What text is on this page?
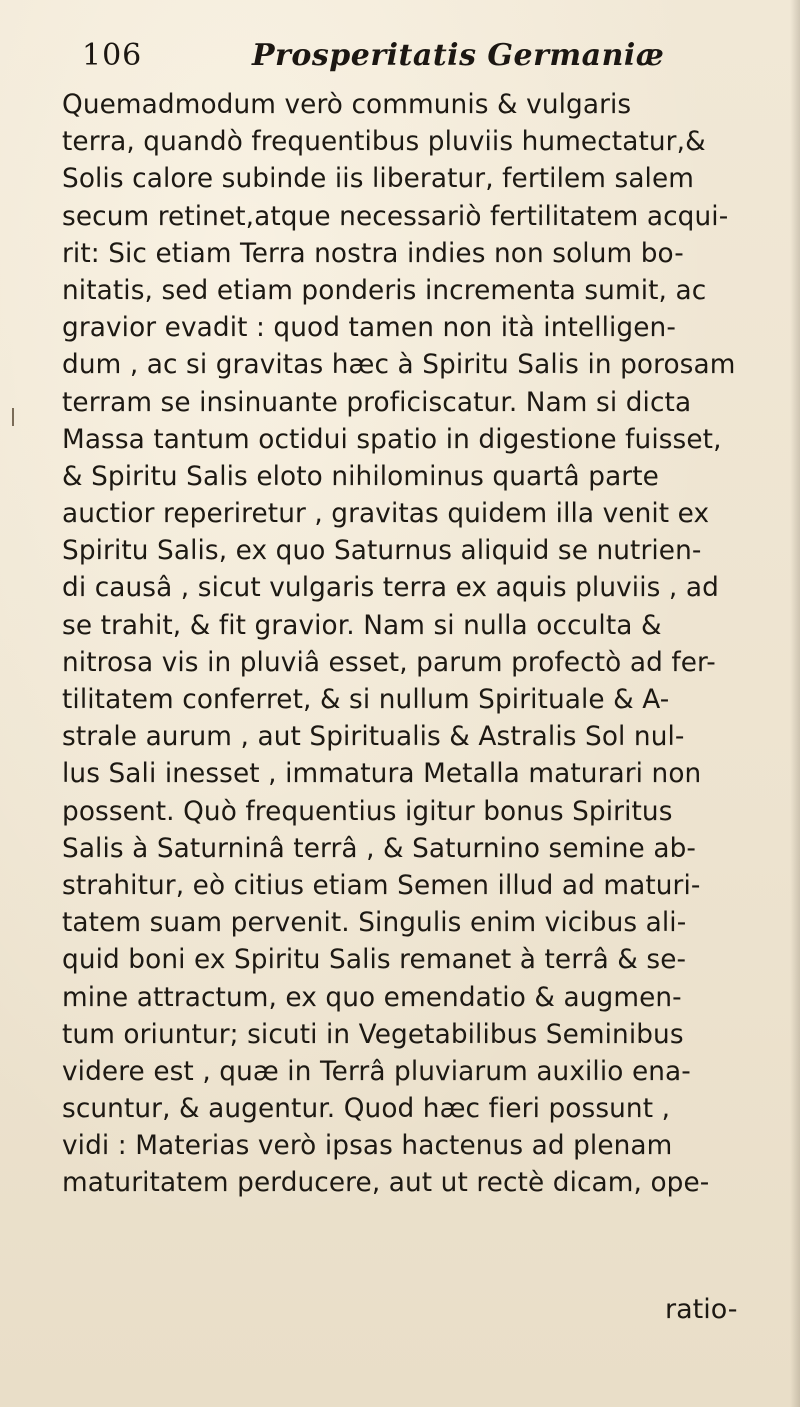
106	Prosperitatis Germaniæ
Quemadmodum verò communis & vulgaris
terra, quandò frequentibus pluviis humectatur,&
Solis calore subinde iis liberatur, fertilem salem
secum retinet,atque necessariò fertilitatem acqui-
rit: Sic etiam Terra nostra indies non solum bo-
nitatis, sed etiam ponderis incrementa sumit, ac
gravior evadit : quod tamen non ità intelligen-
dum , ac si gravitas hæc à Spiritu Salis in porosam
terram se insinuante proficiscatur. Nam si dicta
Massa tantum octidui spatio in digestione fuisset,
& Spiritu Salis eloto nihilominus quartâ parte
auctior reperiretur , gravitas quidem illa venit ex
Spiritu Salis, ex quo Saturnus aliquid se nutrien-
di causâ , sicut vulgaris terra ex aquis pluviis , ad
se trahit, & fit gravior. Nam si nulla occulta &
nitrosa vis in pluviâ esset, parum profectò ad fer-
tilitatem conferret, & si nullum Spirituale & A-
strale aurum , aut Spiritualis & Astralis Sol nul-
lus Sali inesset , immatura Metalla maturari non
possent. Quò frequentius igitur bonus Spiritus
Salis à Saturninâ terrâ , & Saturnino semine ab-
strahitur, eò citius etiam Semen illud ad maturi-
tatem suam pervenit. Singulis enim vicibus ali-
quid boni ex Spiritu Salis remanet à terrâ & se-
mine attractum, ex quo emendatio & augmen-
tum oriuntur; sicuti in Vegetabilibus Seminibus
videre est , quæ in Terrâ pluviarum auxilio ena-
scuntur, & augentur. Quod hæc fieri possunt ,
vidi : Materias verò ipsas hactenus ad plenam
maturitatem perducere, aut ut rectè dicam, ope-
ratio-
